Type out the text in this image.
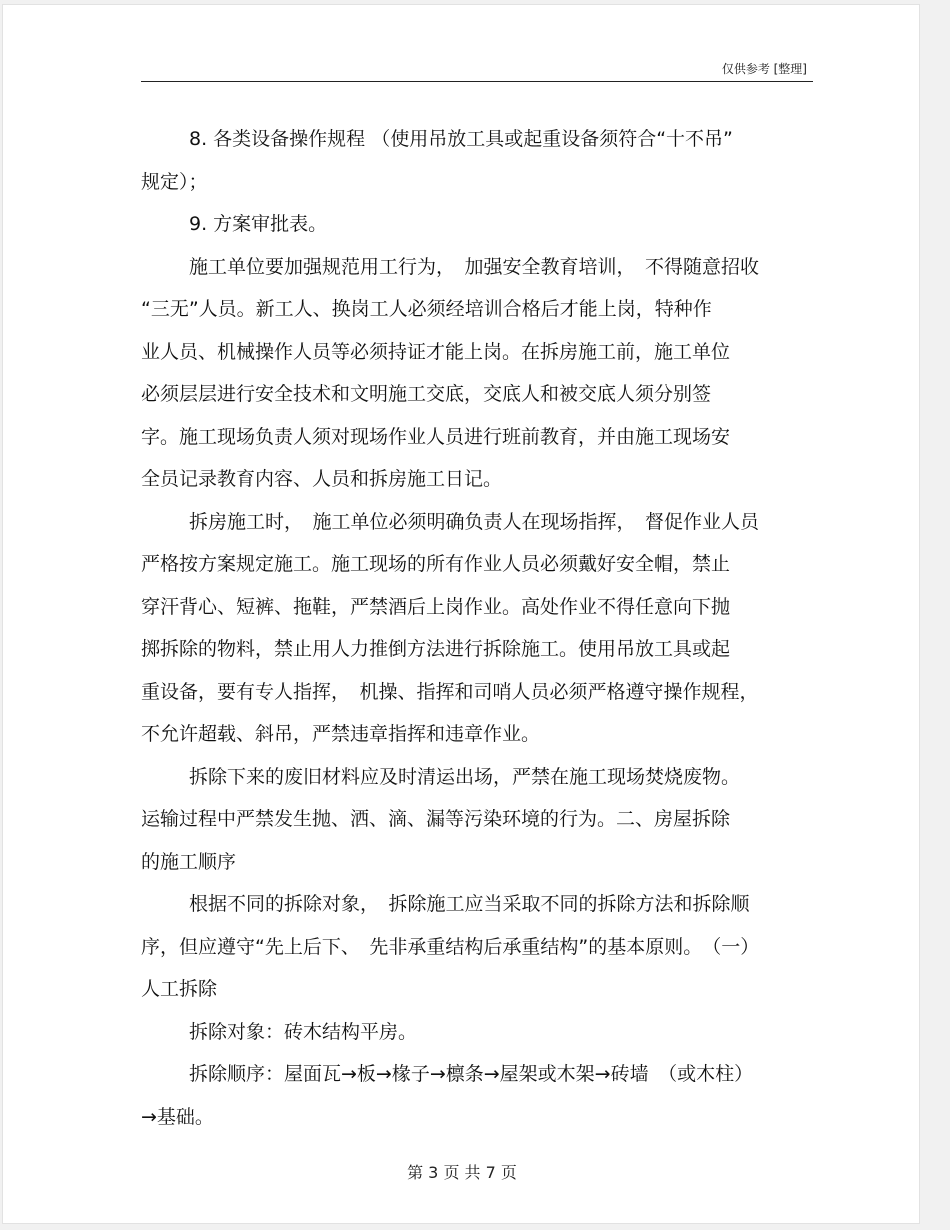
仅供参考 [整理]
8. 各类设备操作规程 （使用吊放工具或起重设备须符合“十不吊”
规定）；
9. 方案审批表。
施工单位要加强规范用工行为，　加强安全教育培训，　不得随意招收
“三无”人员。新工人、换岗工人必须经培训合格后才能上岗，特种作
业人员、机械操作人员等必须持证才能上岗。在拆房施工前，施工单位
必须层层进行安全技术和文明施工交底，交底人和被交底人须分别签
字。施工现场负责人须对现场作业人员进行班前教育，并由施工现场安
全员记录教育内容、人员和拆房施工日记。
拆房施工时，　施工单位必须明确负责人在现场指挥，　督促作业人员
严格按方案规定施工。施工现场的所有作业人员必须戴好安全帽，禁止
穿汗背心、短裤、拖鞋，严禁酒后上岗作业。高处作业不得任意向下抛
掷拆除的物料，禁止用人力推倒方法进行拆除施工。使用吊放工具或起
重设备，要有专人指挥，　机操、指挥和司哨人员必须严格遵守操作规程，
不允许超载、斜吊，严禁违章指挥和违章作业。
拆除下来的废旧材料应及时清运出场，严禁在施工现场焚烧废物。
运输过程中严禁发生抛、洒、滴、漏等污染环境的行为。二、房屋拆除
的施工顺序
根据不同的拆除对象，　拆除施工应当采取不同的拆除方法和拆除顺
序，但应遵守“先上后下、　先非承重结构后承重结构”的基本原则。　（一）
人工拆除
拆除对象：砖木结构平房。
拆除顺序：屋面瓦→板→椽子→檩条→屋架或木架→砖墙　（或木柱）
→基础。
第 3 页 共 7 页
